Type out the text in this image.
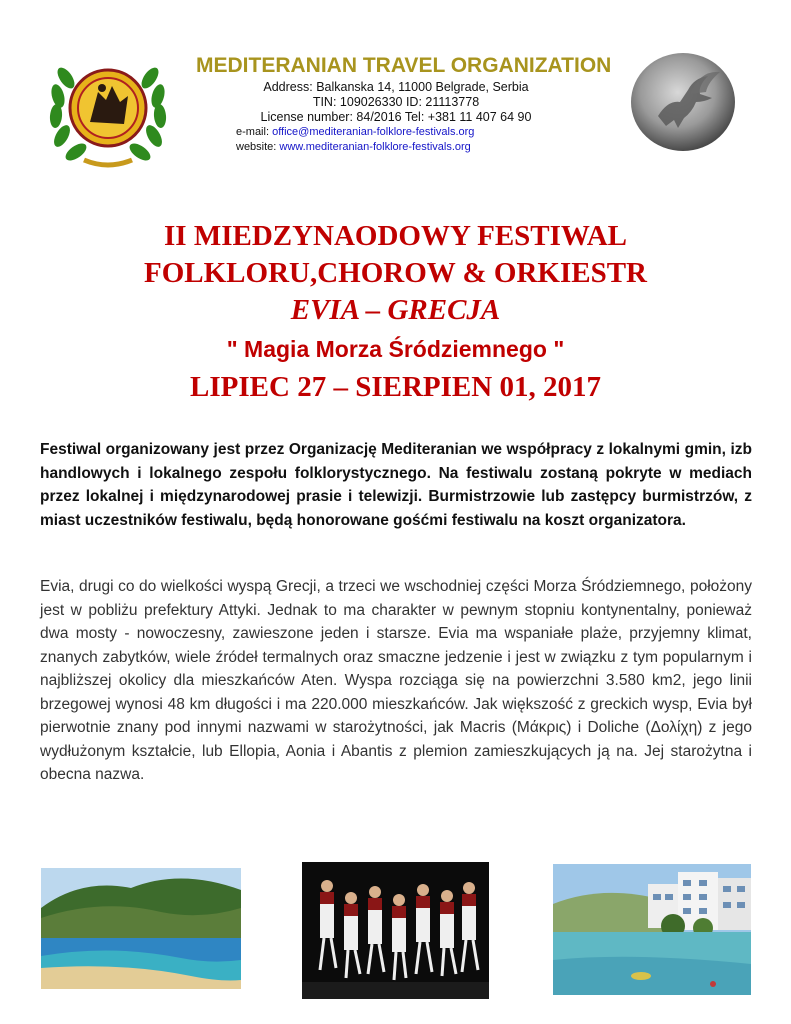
MEDITERANIAN TRAVEL ORGANIZATION
Address: Balkanska 14, 11000 Belgrade, Serbia
TIN: 109026330 ID: 21113778
License number: 84/2016 Tel: +381 11 407 64 90
e-mail: office@mediteranian-folklore-festivals.org
website: www.mediteranian-folklore-festivals.org
II MIEDZYNAODOWY FESTIWAL
FOLKLORU,CHOROW & ORKIESTR
EVIA – GRECJA
" Magia Morza Śródziemnego "
LIPIEC 27 – SIERPIEN 01, 2017
Festiwal organizowany jest przez Organizację Mediteranian we współpracy z lokalnymi gmin, izb handlowych i lokalnego zespołu folklorystycznego. Na festiwalu zostaną pokryte w mediach przez lokalnej i międzynarodowej prasie i telewizji. Burmistrzowie lub zastępcy burmistrzów, z miast uczestników festiwalu, będą honorowane gośćmi festiwalu na koszt organizatora.
Evia, drugi co do wielkości wyspą Grecji, a trzeci we wschodniej części Morza Śródziemnego, położony jest w pobliżu prefektury Attyki. Jednak to ma charakter w pewnym stopniu kontynentalny, ponieważ dwa mosty - nowoczesny, zawieszone jeden i starsze. Evia ma wspaniałe plaże, przyjemny klimat, znanych zabytków, wiele źródeł termalnych oraz smaczne jedzenie i jest w związku z tym popularnym i najbliższej okolicy dla mieszkańców Aten. Wyspa rozciąga się na powierzchni 3.580 km2, jego linii brzegowej wynosi 48 km długości i ma 220.000 mieszkańców. Jak większość z greckich wysp, Evia był pierwotnie znany pod innymi nazwami w starożytności, jak Macris (Μάκρις) i Doliche (Δολίχη) z jego wydłużonym kształcie, lub Ellopia, Aonia i Abantis z plemion zamieszkujących ją na. Jej starożytna i obecna nazwa.
